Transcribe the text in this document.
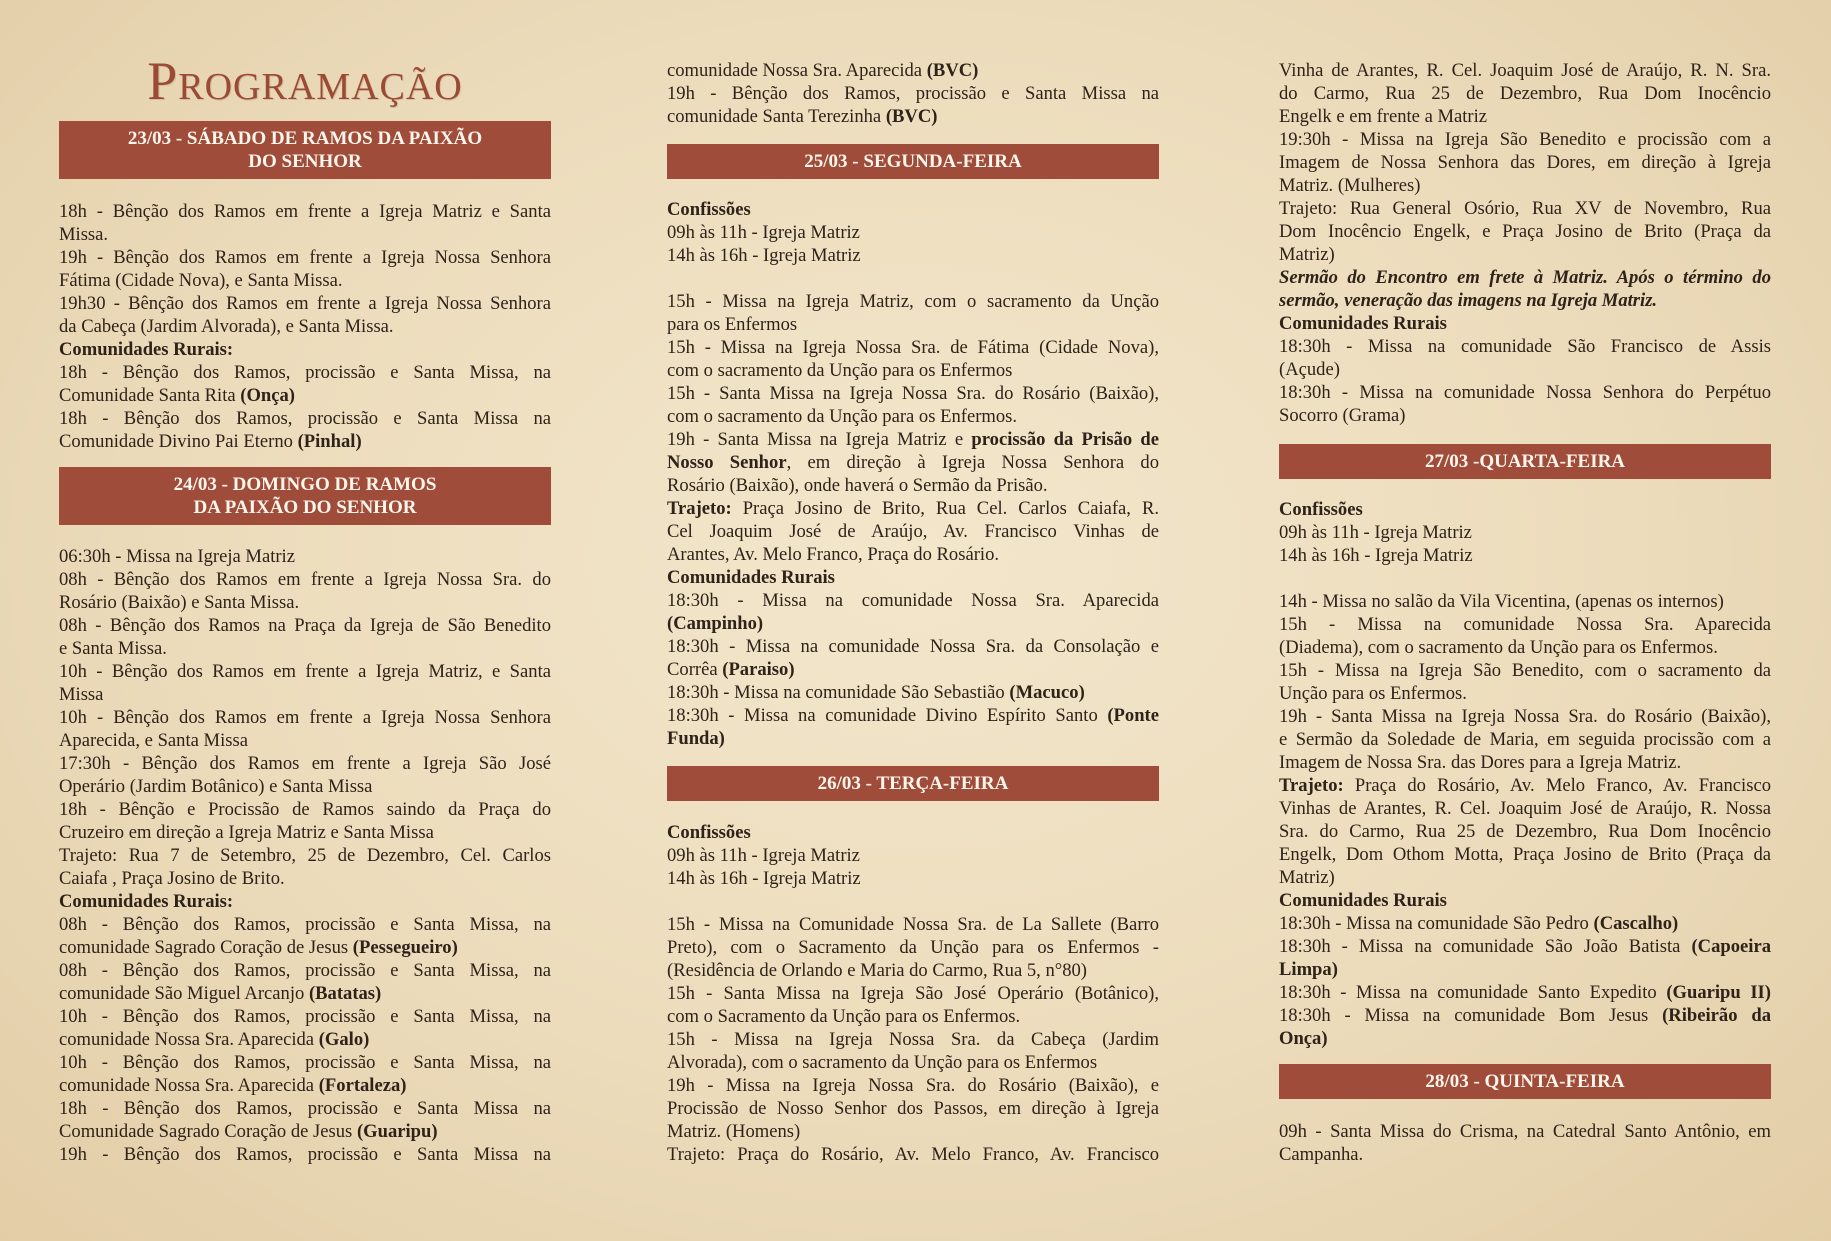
Programação
23/03 - SÁBADO DE RAMOS DA PAIXÃO
DO SENHOR
18h - Bênção dos Ramos em frente a Igreja Matriz e Santa
Missa.
19h - Bênção dos Ramos em frente a Igreja Nossa Senhora
Fátima (Cidade Nova), e Santa Missa.
19h30 - Bênção dos Ramos em frente a Igreja Nossa Senhora
da Cabeça (Jardim Alvorada), e Santa Missa.
Comunidades Rurais:
18h - Bênção dos Ramos, procissão e Santa Missa, na
Comunidade Santa Rita (Onça)
18h - Bênção dos Ramos, procissão e Santa Missa na
Comunidade Divino Pai Eterno (Pinhal)
24/03 - DOMINGO DE RAMOS
DA PAIXÃO DO SENHOR
06:30h - Missa na Igreja Matriz
08h - Bênção dos Ramos em frente a Igreja Nossa Sra. do
Rosário (Baixão) e Santa Missa.
08h - Bênção dos Ramos na Praça da Igreja de São Benedito
e Santa Missa.
10h - Bênção dos Ramos em frente a Igreja Matriz, e Santa
Missa
10h - Bênção dos Ramos em frente a Igreja Nossa Senhora
Aparecida, e Santa Missa
17:30h - Bênção dos Ramos em frente a Igreja São José
Operário (Jardim Botânico) e Santa Missa
18h - Bênção e Procissão de Ramos saindo da Praça do
Cruzeiro em direção a Igreja Matriz e Santa Missa
Trajeto: Rua 7 de Setembro, 25 de Dezembro, Cel. Carlos
Caiafa , Praça Josino de Brito.
Comunidades Rurais:
08h - Bênção dos Ramos, procissão e Santa Missa, na
comunidade Sagrado Coração de Jesus (Pessegueiro)
08h - Bênção dos Ramos, procissão e Santa Missa, na
comunidade São Miguel Arcanjo (Batatas)
10h - Bênção dos Ramos, procissão e Santa Missa, na
comunidade Nossa Sra. Aparecida (Galo)
10h - Bênção dos Ramos, procissão e Santa Missa, na
comunidade Nossa Sra. Aparecida (Fortaleza)
18h - Bênção dos Ramos, procissão e Santa Missa na
Comunidade Sagrado Coração de Jesus (Guaripu)
19h - Bênção dos Ramos, procissão e Santa Missa na
comunidade Nossa Sra. Aparecida (BVC)
19h - Bênção dos Ramos, procissão e Santa Missa na
comunidade Santa Terezinha (BVC)
25/03 - SEGUNDA-FEIRA
Confissões
09h às 11h - Igreja Matriz
14h às 16h - Igreja Matriz
15h - Missa na Igreja Matriz, com o sacramento da Unção
para os Enfermos
15h - Missa na Igreja Nossa Sra. de Fátima (Cidade Nova),
com o sacramento da Unção para os Enfermos
15h - Santa Missa na Igreja Nossa Sra. do Rosário (Baixão),
com o sacramento da Unção para os Enfermos.
19h - Santa Missa na Igreja Matriz e procissão da Prisão de
Nosso Senhor, em direção à Igreja Nossa Senhora do
Rosário (Baixão), onde haverá o Sermão da Prisão.
Trajeto: Praça Josino de Brito, Rua Cel. Carlos Caiafa, R.
Cel Joaquim José de Araújo, Av. Francisco Vinhas de
Arantes, Av. Melo Franco, Praça do Rosário.
Comunidades Rurais
18:30h - Missa na comunidade Nossa Sra. Aparecida
(Campinho)
18:30h - Missa na comunidade Nossa Sra. da Consolação e
Corrêa (Paraiso)
18:30h - Missa na comunidade São Sebastião (Macuco)
18:30h - Missa na comunidade Divino Espírito Santo (Ponte
Funda)
26/03 - TERÇA-FEIRA
Confissões
09h às 11h - Igreja Matriz
14h às 16h - Igreja Matriz
15h - Missa na Comunidade Nossa Sra. de La Sallete (Barro
Preto), com o Sacramento da Unção para os Enfermos -
(Residência de Orlando e Maria do Carmo, Rua 5, n°80)
15h - Santa Missa na Igreja São José Operário (Botânico),
com o Sacramento da Unção para os Enfermos.
15h - Missa na Igreja Nossa Sra. da Cabeça (Jardim
Alvorada), com o sacramento da Unção para os Enfermos
19h - Missa na Igreja Nossa Sra. do Rosário (Baixão), e
Procissão de Nosso Senhor dos Passos, em direção à Igreja
Matriz. (Homens)
Trajeto: Praça do Rosário, Av. Melo Franco, Av. Francisco
Vinha de Arantes, R. Cel. Joaquim José de Araújo, R. N. Sra.
do Carmo, Rua 25 de Dezembro, Rua Dom Inocêncio
Engelk e em frente a Matriz
19:30h - Missa na Igreja São Benedito e procissão com a
Imagem de Nossa Senhora das Dores, em direção à Igreja
Matriz. (Mulheres)
Trajeto: Rua General Osório, Rua XV de Novembro, Rua
Dom Inocêncio Engelk, e Praça Josino de Brito (Praça da
Matriz)
Sermão do Encontro em frete à Matriz. Após o término do
sermão, veneração das imagens na Igreja Matriz.
Comunidades Rurais
18:30h - Missa na comunidade São Francisco de Assis
(Açude)
18:30h - Missa na comunidade Nossa Senhora do Perpétuo
Socorro (Grama)
27/03 -QUARTA-FEIRA
Confissões
09h às 11h - Igreja Matriz
14h às 16h - Igreja Matriz
14h - Missa no salão da Vila Vicentina, (apenas os internos)
15h - Missa na comunidade Nossa Sra. Aparecida
(Diadema), com o sacramento da Unção para os Enfermos.
15h - Missa na Igreja São Benedito, com o sacramento da
Unção para os Enfermos.
19h - Santa Missa na Igreja Nossa Sra. do Rosário (Baixão),
e Sermão da Soledade de Maria, em seguida procissão com a
Imagem de Nossa Sra. das Dores para a Igreja Matriz.
Trajeto: Praça do Rosário, Av. Melo Franco, Av. Francisco
Vinhas de Arantes, R. Cel. Joaquim José de Araújo, R. Nossa
Sra. do Carmo, Rua 25 de Dezembro, Rua Dom Inocêncio
Engelk, Dom Othom Motta, Praça Josino de Brito (Praça da
Matriz)
Comunidades Rurais
18:30h - Missa na comunidade São Pedro (Cascalho)
18:30h - Missa na comunidade São João Batista (Capoeira
Limpa)
18:30h - Missa na comunidade Santo Expedito (Guaripu II)
18:30h - Missa na comunidade Bom Jesus (Ribeirão da
Onça)
28/03 - QUINTA-FEIRA
09h - Santa Missa do Crisma, na Catedral Santo Antônio, em
Campanha.
